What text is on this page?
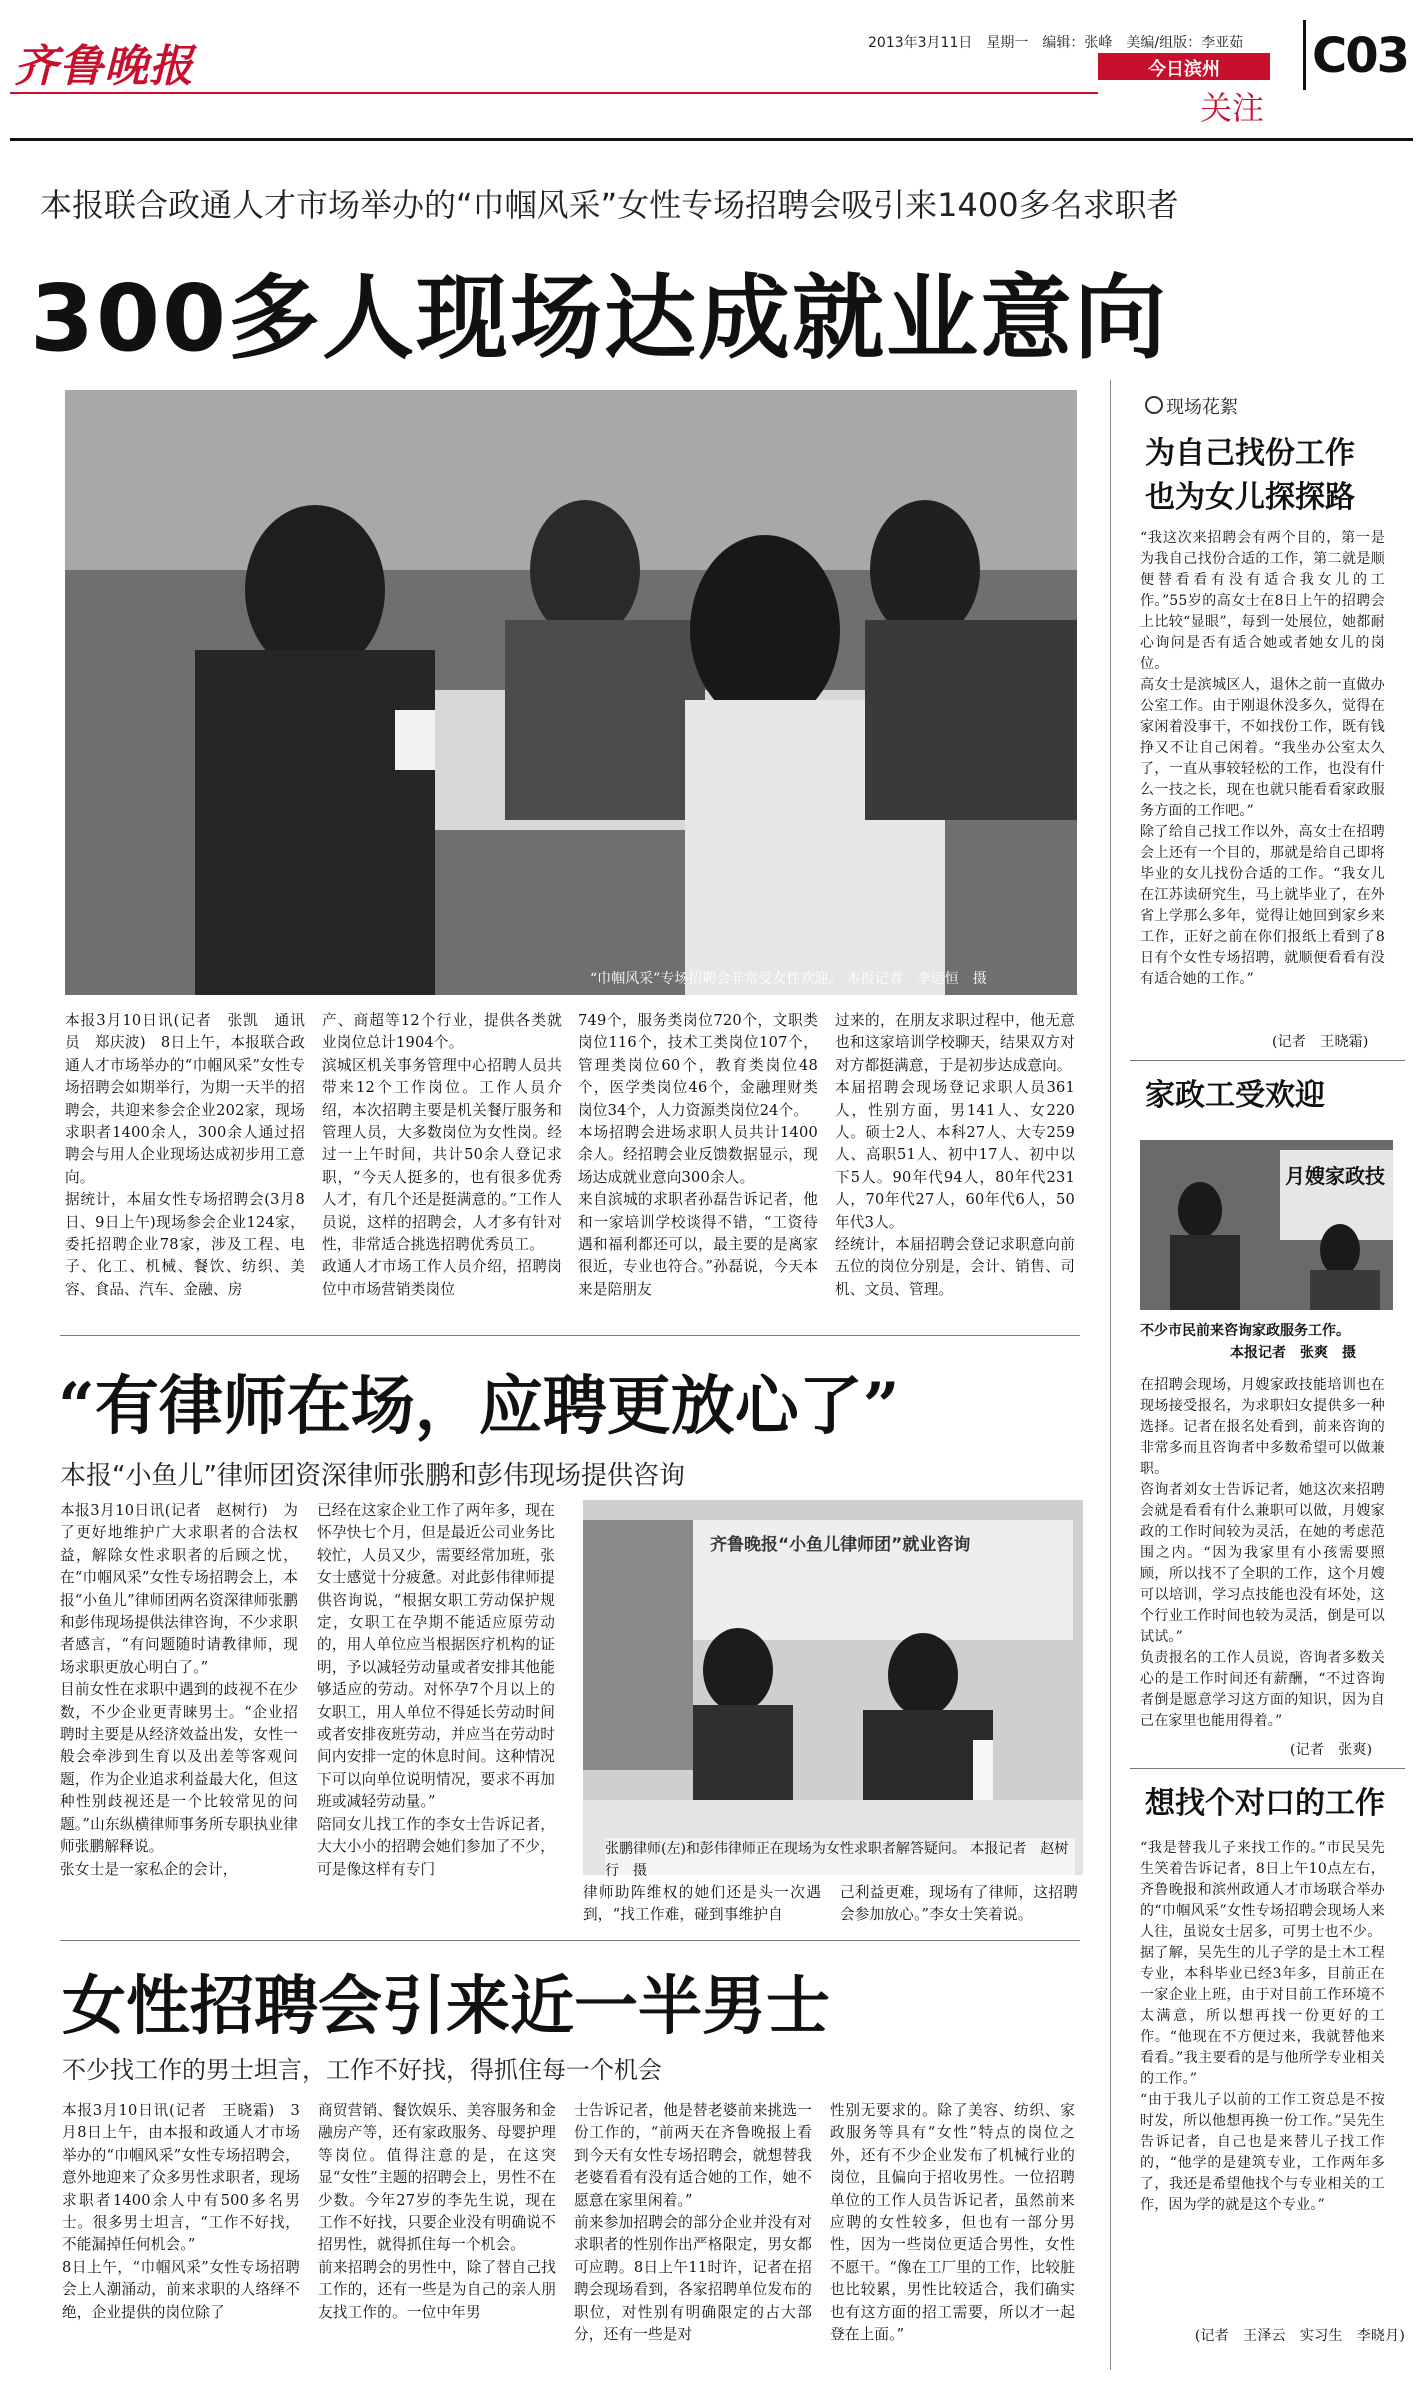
齐鲁晚报	2013年3月11日　星期一　编辑：张峰　美编/组版：李亚茹
今日滨州
关注
C03
本报联合政通人才市场举办的“巾帼风采”女性专场招聘会吸引来1400多名求职者
300多人现场达成就业意向
“巾帼风采”专场招聘会非常受女性欢迎。 本报记者　李运恒　摄
本报3月10日讯(记者　张凯　通讯员　郑庆波)　8日上午，本报联合政通人才市场举办的“巾帼风采”女性专场招聘会如期举行，为期一天半的招聘会，共迎来参会企业202家，现场求职者1400余人，300余人通过招聘会与用人企业现场达成初步用工意向。
据统计，本届女性专场招聘会(3月8日、9日上午)现场参会企业124家，委托招聘企业78家，涉及工程、电子、化工、机械、餐饮、纺织、美容、食品、汽车、金融、房
产、商超等12个行业，提供各类就业岗位总计1904个。
滨城区机关事务管理中心招聘人员共带来12个工作岗位。工作人员介绍，本次招聘主要是机关餐厅服务和管理人员，大多数岗位为女性岗。经过一上午时间，共计50余人登记求职，“今天人挺多的，也有很多优秀人才，有几个还是挺满意的。”工作人员说，这样的招聘会，人才多有针对性，非常适合挑选招聘优秀员工。
政通人才市场工作人员介绍，招聘岗位中市场营销类岗位
749个，服务类岗位720个，文职类岗位116个，技术工类岗位107个，管理类岗位60个，教育类岗位48个，医学类岗位46个，金融理财类岗位34个，人力资源类岗位24个。
本场招聘会进场求职人员共计1400余人。经招聘会业反馈数据显示，现场达成就业意向300余人。
来自滨城的求职者孙磊告诉记者，他和一家培训学校谈得不错，“工资待遇和福利都还可以，最主要的是离家很近，专业也符合。”孙磊说，今天本来是陪朋友
过来的，在朋友求职过程中，他无意也和这家培训学校聊天，结果双方对对方都挺满意，于是初步达成意向。
本届招聘会现场登记求职人员361人，性别方面，男141人、女220人。硕士2人、本科27人、大专259人、高职51人、初中17人、初中以下5人。90年代94人，80年代231人，70年代27人，60年代6人，50年代3人。
经统计，本届招聘会登记求职意向前五位的岗位分别是，会计、销售、司机、文员、管理。
“有律师在场，应聘更放心了”
本报“小鱼儿”律师团资深律师张鹏和彭伟现场提供咨询
本报3月10日讯(记者　赵树行)　为了更好地维护广大求职者的合法权益，解除女性求职者的后顾之忧，在“巾帼风采”女性专场招聘会上，本报“小鱼儿”律师团两名资深律师张鹏和彭伟现场提供法律咨询，不少求职者感言，“有问题随时请教律师，现场求职更放心明白了。”
目前女性在求职中遇到的歧视不在少数，不少企业更青睐男士。“企业招聘时主要是从经济效益出发，女性一般会牵涉到生育以及出差等客观问题，作为企业追求利益最大化，但这种性别歧视还是一个比较常见的问题。”山东纵横律师事务所专职执业律师张鹏解释说。
张女士是一家私企的会计，
已经在这家企业工作了两年多，现在怀孕快七个月，但是最近公司业务比较忙，人员又少，需要经常加班，张女士感觉十分疲惫。对此彭伟律师提供咨询说，“根据女职工劳动保护规定，女职工在孕期不能适应原劳动的，用人单位应当根据医疗机构的证明，予以减轻劳动量或者安排其他能够适应的劳动。对怀孕7个月以上的女职工，用人单位不得延长劳动时间或者安排夜班劳动，并应当在劳动时间内安排一定的休息时间。这种情况下可以向单位说明情况，要求不再加班或减轻劳动量。”
陪同女儿找工作的李女士告诉记者，大大小小的招聘会她们参加了不少，可是像这样有专门
齐鲁晚报“小鱼儿律师团”就业咨询
张鹏律师(左)和彭伟律师正在现场为女性求职者解答疑问。 本报记者　赵树行　摄
律师助阵维权的她们还是头一次遇到，“找工作难，碰到事维护自
己利益更难，现场有了律师，这招聘会参加放心。”李女士笑着说。
女性招聘会引来近一半男士
不少找工作的男士坦言，工作不好找，得抓住每一个机会
本报3月10日讯(记者　王晓霜)　3月8日上午，由本报和政通人才市场举办的“巾帼风采”女性专场招聘会，意外地迎来了众多男性求职者，现场求职者1400余人中有500多名男士。很多男士坦言，“工作不好找，不能漏掉任何机会。”
8日上午，“巾帼风采”女性专场招聘会上人潮涌动，前来求职的人络绎不绝，企业提供的岗位除了
商贸营销、餐饮娱乐、美容服务和金融房产等，还有家政服务、母婴护理等岗位。值得注意的是，在这突显“女性”主题的招聘会上，男性不在少数。今年27岁的李先生说，现在工作不好找，只要企业没有明确说不招男性，就得抓住每一个机会。
前来招聘会的男性中，除了替自己找工作的，还有一些是为自己的亲人朋友找工作的。一位中年男
士告诉记者，他是替老婆前来挑选一份工作的，“前两天在齐鲁晚报上看到今天有女性专场招聘会，就想替我老婆看看有没有适合她的工作，她不愿意在家里闲着。”
前来参加招聘会的部分企业并没有对求职者的性别作出严格限定，男女都可应聘。8日上午11时许，记者在招聘会现场看到，各家招聘单位发布的职位，对性别有明确限定的占大部分，还有一些是对
性别无要求的。除了美容、纺织、家政服务等具有“女性”特点的岗位之外，还有不少企业发布了机械行业的岗位，且偏向于招收男性。一位招聘单位的工作人员告诉记者，虽然前来应聘的女性较多，但也有一部分男性，因为一些岗位更适合男性，女性不愿干。“像在工厂里的工作，比较脏也比较累，男性比较适合，我们确实也有这方面的招工需要，所以才一起登在上面。”
现场花絮
为自己找份工作
也为女儿探探路
“我这次来招聘会有两个目的，第一是为我自己找份合适的工作，第二就是顺便替看看有没有适合我女儿的工作。”55岁的高女士在8日上午的招聘会上比较“显眼”，每到一处展位，她都耐心询问是否有适合她或者她女儿的岗位。
高女士是滨城区人，退休之前一直做办公室工作。由于刚退休没多久，觉得在家闲着没事干，不如找份工作，既有钱挣又不让自己闲着。“我坐办公室太久了，一直从事较轻松的工作，也没有什么一技之长，现在也就只能看看家政服务方面的工作吧。”
除了给自己找工作以外，高女士在招聘会上还有一个目的，那就是给自己即将毕业的女儿找份合适的工作。“我女儿在江苏读研究生，马上就毕业了，在外省上学那么多年，觉得让她回到家乡来工作，正好之前在你们报纸上看到了8日有个女性专场招聘，就顺便看看有没有适合她的工作。”
(记者　王晓霜)
家政工受欢迎
月嫂家政技
不少市民前来咨询家政服务工作。
本报记者　张爽　摄
在招聘会现场，月嫂家政技能培训也在现场接受报名，为求职妇女提供多一种选择。记者在报名处看到，前来咨询的非常多而且咨询者中多数希望可以做兼职。
咨询者刘女士告诉记者，她这次来招聘会就是看看有什么兼职可以做，月嫂家政的工作时间较为灵活，在她的考虑范围之内。“因为我家里有小孩需要照顾，所以找不了全职的工作，这个月嫂可以培训，学习点技能也没有坏处，这个行业工作时间也较为灵活，倒是可以试试。”
负责报名的工作人员说，咨询者多数关心的是工作时间还有薪酬，“不过咨询者倒是愿意学习这方面的知识，因为自己在家里也能用得着。”
(记者　张爽)
想找个对口的工作
“我是替我儿子来找工作的。”市民吴先生笑着告诉记者，8日上午10点左右，齐鲁晚报和滨州政通人才市场联合举办的“巾帼风采”女性专场招聘会现场人来人往，虽说女士居多，可男士也不少。
据了解，吴先生的儿子学的是土木工程专业，本科毕业已经3年多，目前正在一家企业上班，由于对目前工作环境不太满意，所以想再找一份更好的工作。“他现在不方便过来，我就替他来看看。”我主要看的是与他所学专业相关的工作。”
“由于我儿子以前的工作工资总是不按时发，所以他想再换一份工作。”吴先生告诉记者，自己也是来替儿子找工作的，“他学的是建筑专业，工作两年多了，我还是希望他找个与专业相关的工作，因为学的就是这个专业。”
(记者　王泽云　实习生　李晓月)
